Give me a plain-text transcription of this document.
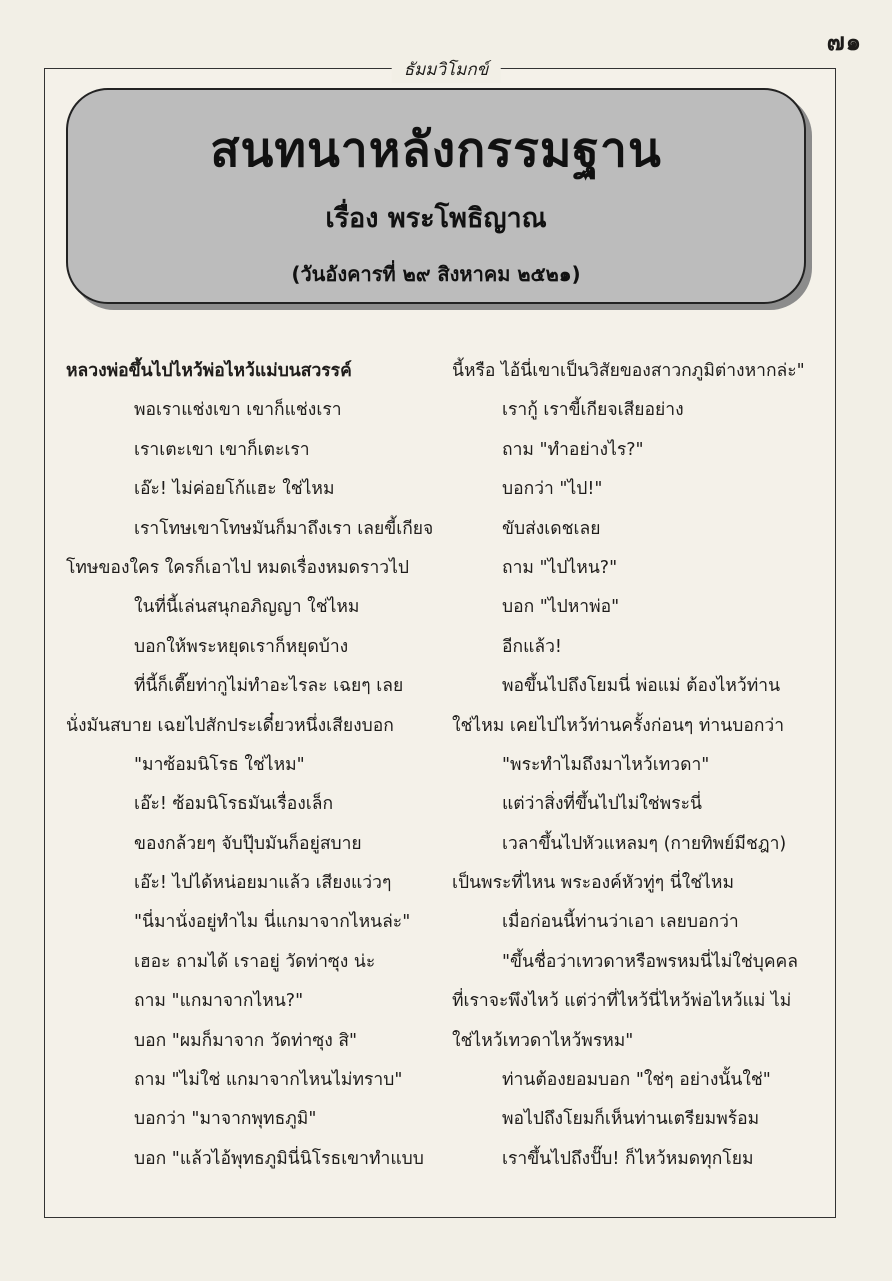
๗๑
ธัมมวิโมกข์
สนทนาหลังกรรมฐาน
เรื่อง พระโพธิญาณ
(วันอังคารที่ ๒๙ สิงหาคม ๒๕๒๑)
หลวงพ่อขึ้นไปไหว้พ่อไหว้แม่บนสวรรค์
พอเราแช่งเขา เขาก็แช่งเรา
เราเตะเขา เขาก็เตะเรา
เอ๊ะ! ไม่ค่อยโก้แฮะ ใช่ไหม
เราโทษเขาโทษมันก็มาถึงเรา เลยขี้เกียจ
โทษของใคร ใครก็เอาไป หมดเรื่องหมดราวไป
ในที่นี้เล่นสนุกอภิญญา ใช่ไหม
บอกให้พระหยุดเราก็หยุดบ้าง
ที่นี้ก็เตี๊ยท่ากูไม่ทำอะไรละ เฉยๆ เลย
นั่งมันสบาย เฉยไปสักประเดี๋ยวหนึ่งเสียงบอก
"มาซ้อมนิโรธ ใช่ไหม"
เอ๊ะ! ซ้อมนิโรธมันเรื่องเล็ก
ของกล้วยๆ จับปุ๊บมันก็อยู่สบาย
เอ๊ะ! ไปได้หน่อยมาแล้ว เสียงแว่วๆ
"นี่มานั่งอยู่ทำไม นี่แกมาจากไหนล่ะ"
เฮอะ ถามได้ เราอยู่ วัดท่าซุง น่ะ
ถาม "แกมาจากไหน?"
บอก "ผมก็มาจาก วัดท่าซุง สิ"
ถาม "ไม่ใช่ แกมาจากไหนไม่ทราบ"
บอกว่า "มาจากพุทธภูมิ"
บอก "แล้วไอ้พุทธภูมินี่นิโรธเขาทำแบบ
นี้หรือ ไอ้นี่เขาเป็นวิสัยของสาวกภูมิต่างหากล่ะ"
เรากู้ เราขี้เกียจเสียอย่าง
ถาม "ทำอย่างไร?"
บอกว่า "ไป!"
ขับส่งเดชเลย
ถาม "ไปไหน?"
บอก "ไปหาพ่อ"
อีกแล้ว!
พอขึ้นไปถึงโยมนี่ พ่อแม่ ต้องไหว้ท่าน
ใช่ไหม เคยไปไหว้ท่านครั้งก่อนๆ ท่านบอกว่า
"พระทำไมถึงมาไหว้เทวดา"
แต่ว่าสิ่งที่ขึ้นไปไม่ใช่พระนี่
เวลาขึ้นไปหัวแหลมๆ (กายทิพย์มีชฎา)
เป็นพระที่ไหน พระองค์หัวทู่ๆ นี่ใช่ไหม
เมื่อก่อนนี้ท่านว่าเอา เลยบอกว่า
"ขึ้นชื่อว่าเทวดาหรือพรหมนี่ไม่ใช่บุคคล
ที่เราจะพึงไหว้ แต่ว่าที่ไหว้นี่ไหว้พ่อไหว้แม่ ไม่
ใช่ไหว้เทวดาไหว้พรหม"
ท่านต้องยอมบอก "ใช่ๆ อย่างนั้นใช่"
พอไปถึงโยมก็เห็นท่านเตรียมพร้อม
เราขึ้นไปถึงปั๊บ! ก็ไหว้หมดทุกโยม
